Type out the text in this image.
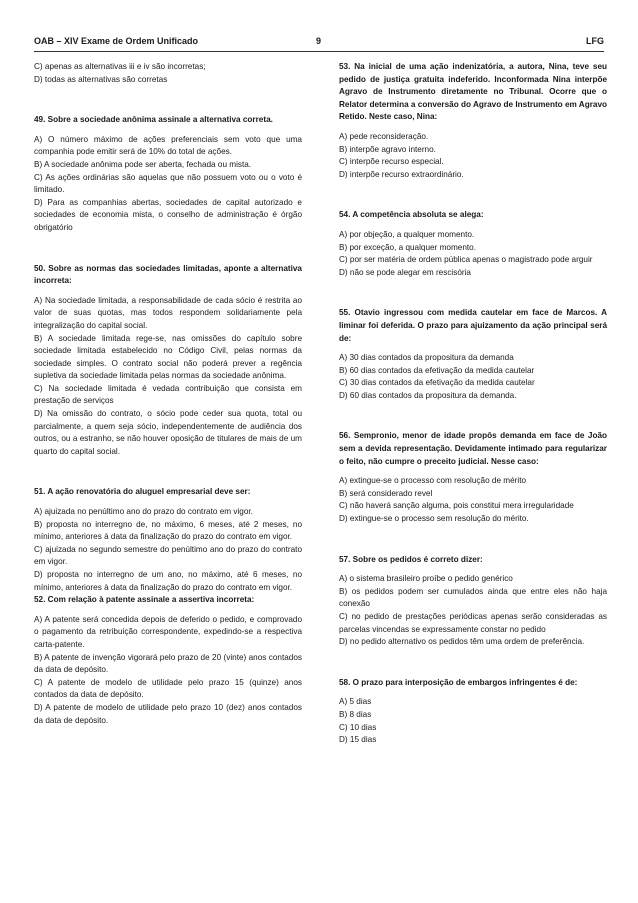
OAB – XIV Exame de Ordem Unificado	9	LFG

C) apenas as alternativas iii e iv são incorretas;

D) todas as alternativas são corretas

49. Sobre a sociedade anônima assinale a alternativa correta.

A) O número máximo de ações preferenciais sem voto que uma companhia pode emitir será de 10% do total de ações.

B) A sociedade anônima pode ser aberta, fechada ou mista.

C) As ações ordinárias são aquelas que não possuem voto ou o voto é limitado.

D) Para as companhias abertas, sociedades de capital autorizado e sociedades de economia mista, o conselho de administração é órgão obrigatório

50. Sobre as normas das sociedades limitadas, aponte a alternativa incorreta:

A) Na sociedade limitada, a responsabilidade de cada sócio é restrita ao valor de suas quotas, mas todos respondem solidariamente pela integralização do capital social.

B) A sociedade limitada rege-se, nas omissões do capítulo sobre sociedade limitada estabelecido no Código Civil, pelas normas da sociedade simples. O contrato social não poderá prever a regência supletiva da sociedade limitada pelas normas da sociedade anônima.

C) Na sociedade limitada é vedada contribuição que consista em prestação de serviços

D) Na omissão do contrato, o sócio pode ceder sua quota, total ou parcialmente, a quem seja sócio, independentemente de audiência dos outros, ou a estranho, se não houver oposição de titulares de mais de um quarto do capital social.

51. A ação renovatória do aluguel empresarial deve ser:

A) ajuizada no penúltimo ano do prazo do contrato em vigor.

B) proposta no interregno de, no máximo, 6 meses, até 2 meses, no mínimo, anteriores à data da finalização do prazo do contrato em vigor.

C) ajuizada no segundo semestre do penúltimo ano do prazo do contrato em vigor.

D) proposta no interregno de um ano, no máximo, até 6 meses, no mínimo, anteriores à data da finalização do prazo do contrato em vigor.

52. Com relação à patente assinale a assertiva incorreta:

A) A patente será concedida depois de deferido o pedido, e comprovado o pagamento da retribuição correspondente, expedindo-se a respectiva carta-patente.

B) A patente de invenção vigorará pelo prazo de 20 (vinte) anos contados da data de depósito.

C) A patente de modelo de utilidade pelo prazo 15 (quinze) anos contados da data de depósito.

D) A patente de modelo de utilidade pelo prazo 10 (dez) anos contados da data de depósito.

53. Na inicial de uma ação indenizatória, a autora, Nina, teve seu pedido de justiça gratuita indeferido. Inconformada Nina interpõe Agravo de Instrumento diretamente no Tribunal. Ocorre que o Relator determina a conversão do Agravo de Instrumento em Agravo Retido. Neste caso, Nina:

A) pede reconsideração.

B) interpõe agravo interno.

C) interpõe recurso especial.

D) interpõe recurso extraordinário.

54. A competência absoluta se alega:

A) por objeção, a qualquer momento.

B) por exceção, a qualquer momento.

C) por ser matéria de ordem pública apenas o magistrado pode arguir

D) não se pode alegar em rescisória

55. Otavio ingressou com medida cautelar em face de Marcos. A liminar foi deferida. O prazo para ajuizamento da ação principal será de:

A) 30 dias contados da propositura da demanda

B) 60 dias contados da efetivação da medida cautelar

C) 30 dias contados da efetivação da medida cautelar

D) 60 dias contados da propositura da demanda.

56. Sempronio, menor de idade propôs demanda em face de João sem a devida representação. Devidamente intimado para regularizar o feito, não cumpre o preceito judicial. Nesse caso:

A) extingue-se o processo com resolução de mérito

B) será considerado revel

C) não haverá sanção alguma, pois constitui mera irregularidade

D) extingue-se o processo sem resolução do mérito.

57. Sobre os pedidos é correto dizer:

A) o sistema brasileiro proíbe o pedido genérico

B) os pedidos podem ser cumulados ainda que entre eles não haja conexão

C) no pedido de prestações periódicas apenas serão consideradas as parcelas vincendas se expressamente constar no pedido

D) no pedido alternativo os pedidos têm uma ordem de preferência.

58. O prazo para interposição de embargos infringentes é de:

A) 5 dias

B) 8 dias

C) 10 dias

D) 15 dias
